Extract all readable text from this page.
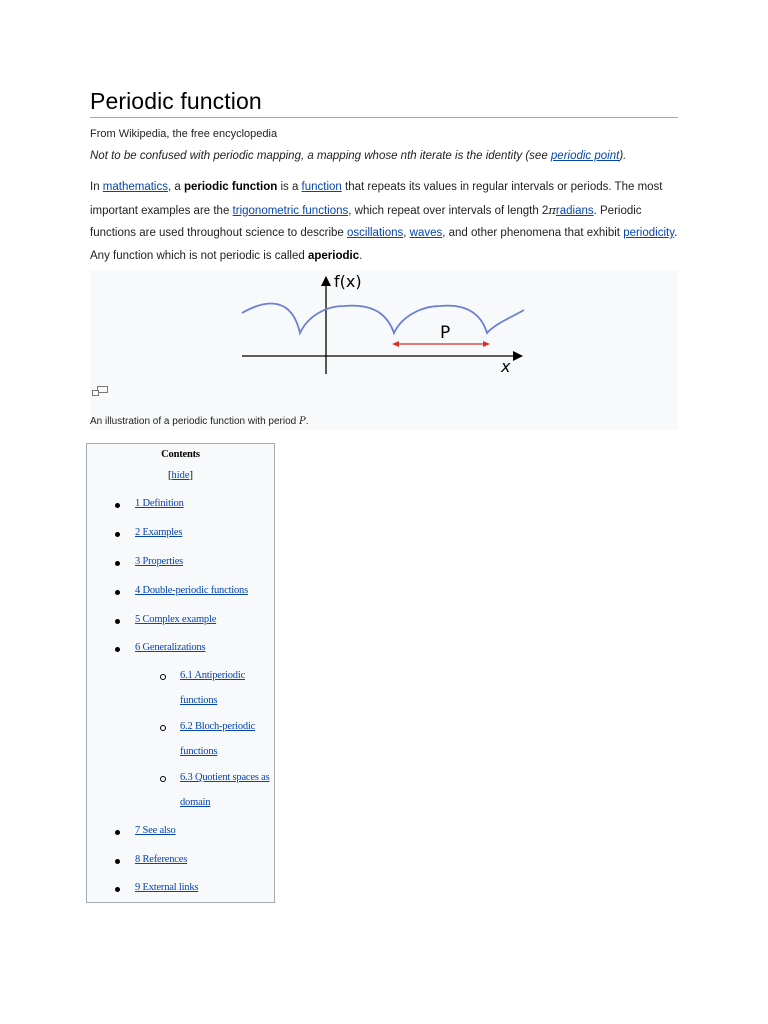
Periodic function
From Wikipedia, the free encyclopedia
Not to be confused with periodic mapping, a mapping whose nth iterate is the identity (see periodic point).
In mathematics, a periodic function is a function that repeats its values in regular intervals or periods. The most important examples are the trigonometric functions, which repeat over intervals of length 2πradians. Periodic functions are used throughout science to describe oscillations, waves, and other phenomena that exhibit periodicity. Any function which is not periodic is called aperiodic.
f(x)
x
P
An illustration of a periodic function with period P.
Contents
[hide]
1 Definition
2 Examples
3 Properties
4 Double-periodic functions
5 Complex example
6 Generalizations
6.1 Antiperiodic functions
6.2 Bloch-periodic functions
6.3 Quotient spaces as domain
7 See also
8 References
9 External links
